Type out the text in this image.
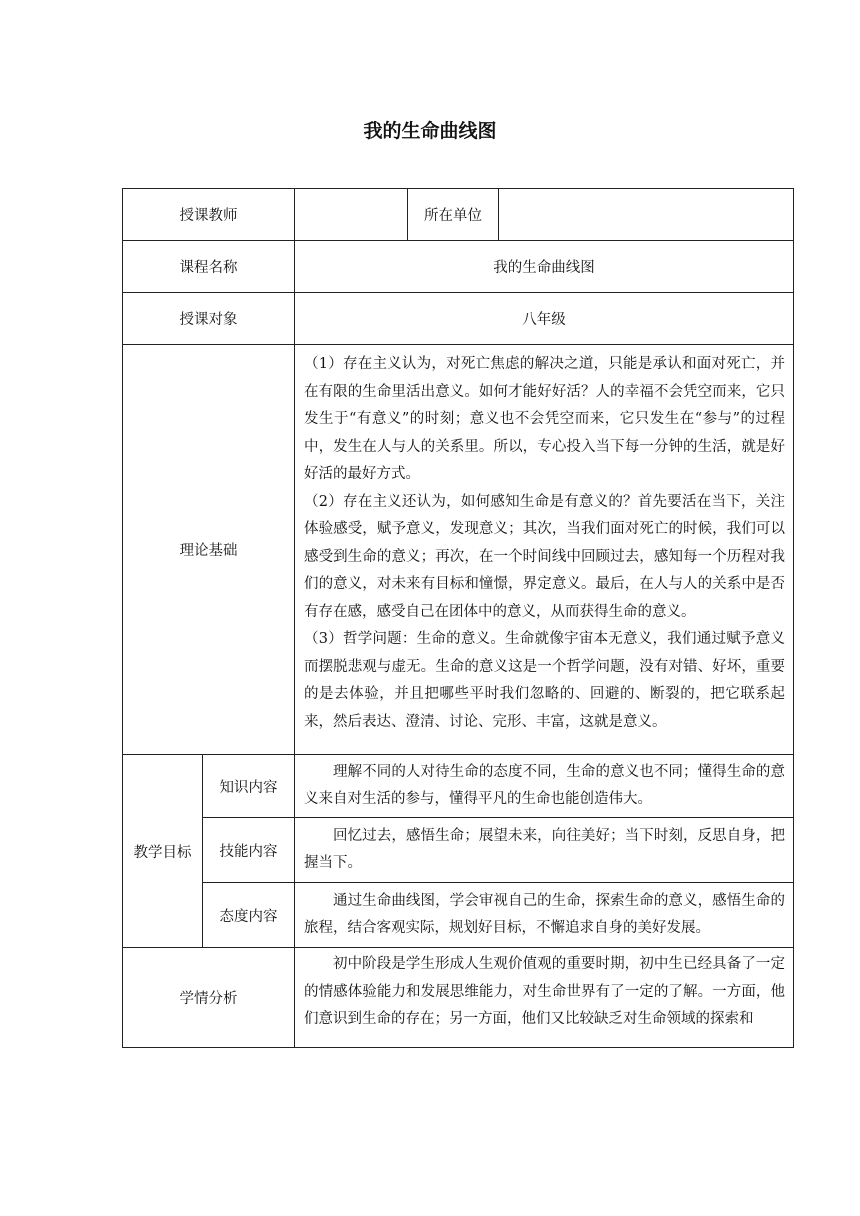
我的生命曲线图
授课教师			所在单位	
课程名称		我的生命曲线图		
授课对象		八年级		
理论基础		（1）存在主义认为，对死亡焦虑的解决之道，只能是承认和面对死亡，并在有限的生命里活出意义。如何才能好好活？人的幸福不会凭空而来，它只发生于“有意义”的时刻；意义也不会凭空而来，它只发生在“参与”的过程中，发生在人与人的关系里。所以，专心投入当下每一分钟的生活，就是好好活的最好方式。
（2）存在主义还认为，如何感知生命是有意义的？首先要活在当下，关注体验感受，赋予意义，发现意义；其次，当我们面对死亡的时候，我们可以感受到生命的意义；再次，在一个时间线中回顾过去，感知每一个历程对我们的意义，对未来有目标和憧憬，界定意义。最后，在人与人的关系中是否有存在感，感受自己在团体中的意义，从而获得生命的意义。
（3）哲学问题：生命的意义。生命就像宇宙本无意义，我们通过赋予意义而摆脱悲观与虚无。生命的意义这是一个哲学问题，没有对错、好坏，重要的是去体验，并且把哪些平时我们忽略的、回避的、断裂的，把它联系起来，然后表达、澄清、讨论、完形、丰富，这就是意义。		

教学目标	知识内容	理解不同的人对待生命的态度不同，生命的意义也不同；懂得生命的意义来自对生活的参与，懂得平凡的生命也能创造伟大。		

	技能内容	回忆过去，感悟生命；展望未来，向往美好；当下时刻，反思自身，把握当下。		

	态度内容	通过生命曲线图，学会审视自己的生命，探索生命的意义，感悟生命的旅程，结合客观实际，规划好目标，不懈追求自身的美好发展。		

学情分析		初中阶段是学生形成人生观价值观的重要时期，初中生已经具备了一定的情感体验能力和发展思维能力，对生命世界有了一定的了解。一方面，他们意识到生命的存在；另一方面，他们又比较缺乏对生命领域的探索和		
